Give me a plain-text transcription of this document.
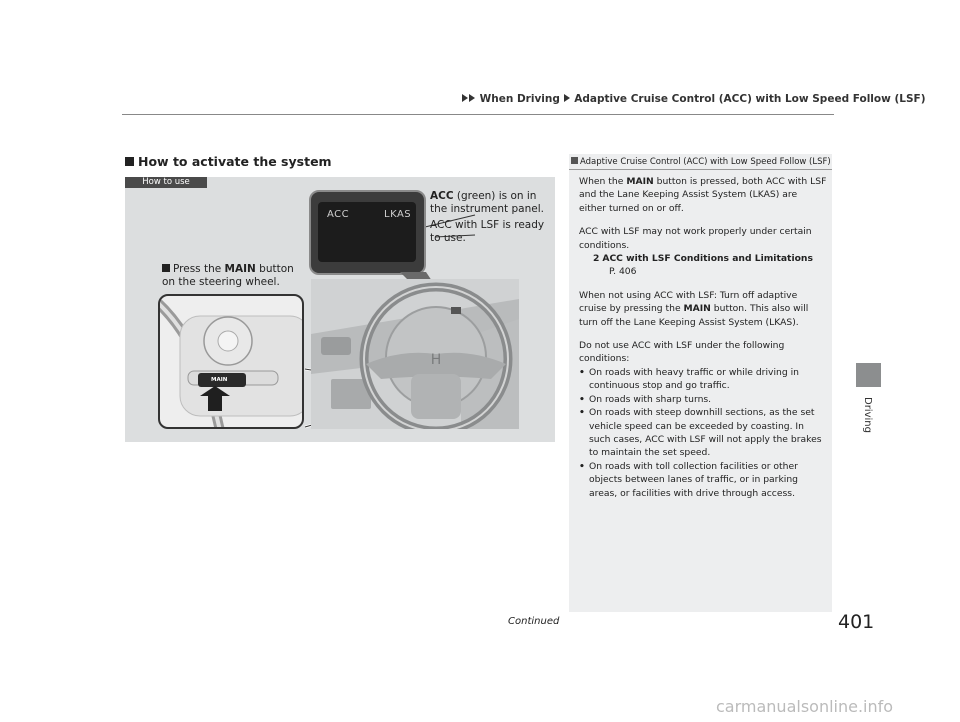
When Driving Adaptive Cruise Control (ACC) with Low Speed Follow (LSF)
How to activate the system
How to use
ACC	LKAS
ACC (green) is on in the instrument panel.
ACC with LSF is ready to use.
Press the MAIN button on the steering wheel.
H
MAIN
Adaptive Cruise Control (ACC) with Low Speed Follow (LSF)

When the MAIN button is pressed, both ACC with LSF and the Lane Keeping Assist System (LKAS) are either turned on or off.

ACC with LSF may not work properly under certain conditions.
2 ACC with LSF Conditions and Limitations
P. 406

When not using ACC with LSF: Turn off adaptive cruise by pressing the MAIN button. This also will turn off the Lane Keeping Assist System (LKAS).

Do not use ACC with LSF under the following conditions:

• On roads with heavy traffic or while driving in continuous stop and go traffic.
• On roads with sharp turns.
• On roads with steep downhill sections, as the set vehicle speed can be exceeded by coasting. In such cases, ACC with LSF will not apply the brakes to maintain the set speed.
• On roads with toll collection facilities or other objects between lanes of traffic, or in parking areas, or facilities with drive through access.
Driving
Continued	401
carmanualsonline.info
